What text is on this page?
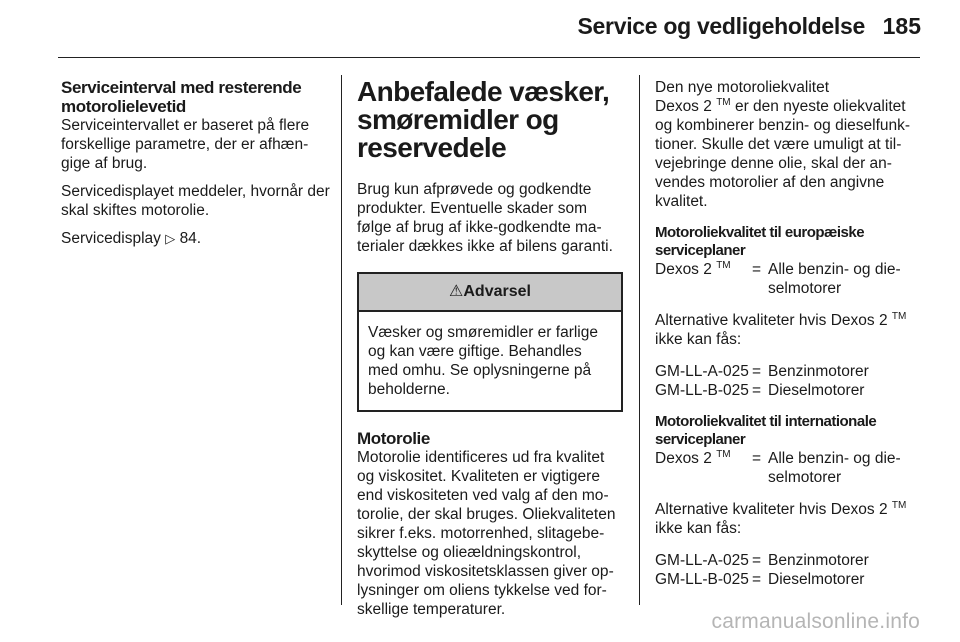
Service og vedligeholdelse 185
Serviceinterval med resterende motorolielevetid

Serviceintervallet er baseret på flere forskellige parametre, der er afhængige af brug.

Servicedisplayet meddeler, hvornår der skal skiftes motorolie.

Servicedisplay ▷ 84.

Anbefalede væsker, smøremidler og reservedele

Brug kun afprøvede og godkendte produkter. Eventuelle skader som følge af brug af ikke-godkendte materialer dækkes ikke af bilens garanti.

⚠Advarsel
Væsker og smøremidler er farlige og kan være giftige. Behandles med omhu. Se oplysningerne på beholderne.
Motorolie

Motorolie identificeres ud fra kvalitet og viskositet. Kvaliteten er vigtigere end viskositeten ved valg af den motorolie, der skal bruges. Oliekvaliteten sikrer f.eks. motorrenhed, slitagebeskyttelse og olieældningskontrol, hvorimod viskositetsklassen giver oplysninger om oliens tykkelse ved forskellige temperaturer.

Den nye motoroliekvalitet

Dexos 2 ™ er den nyeste oliekvalitet og kombinerer benzin- og dieselfunktioner. Skulle det være umuligt at tilvejebringe denne olie, skal der anvendes motorolier af den angivne kvalitet.

Motoroliekvalitet til europæiske serviceplaner
Dexos 2 ™	= Alle benzin- og dieselmotorer

Alternative kvaliteter hvis Dexos 2 ™ ikke kan fås:

GM-LL-A-025 = Benzinmotorer
GM-LL-B-025 = Dieselmotorer
Motoroliekvalitet til internationale serviceplaner
Dexos 2 ™	= Alle benzin- og dieselmotorer

Alternative kvaliteter hvis Dexos 2 ™ ikke kan fås:

GM-LL-A-025 = Benzinmotorer
GM-LL-B-025 = Dieselmotorer
carmanualsonline.info
